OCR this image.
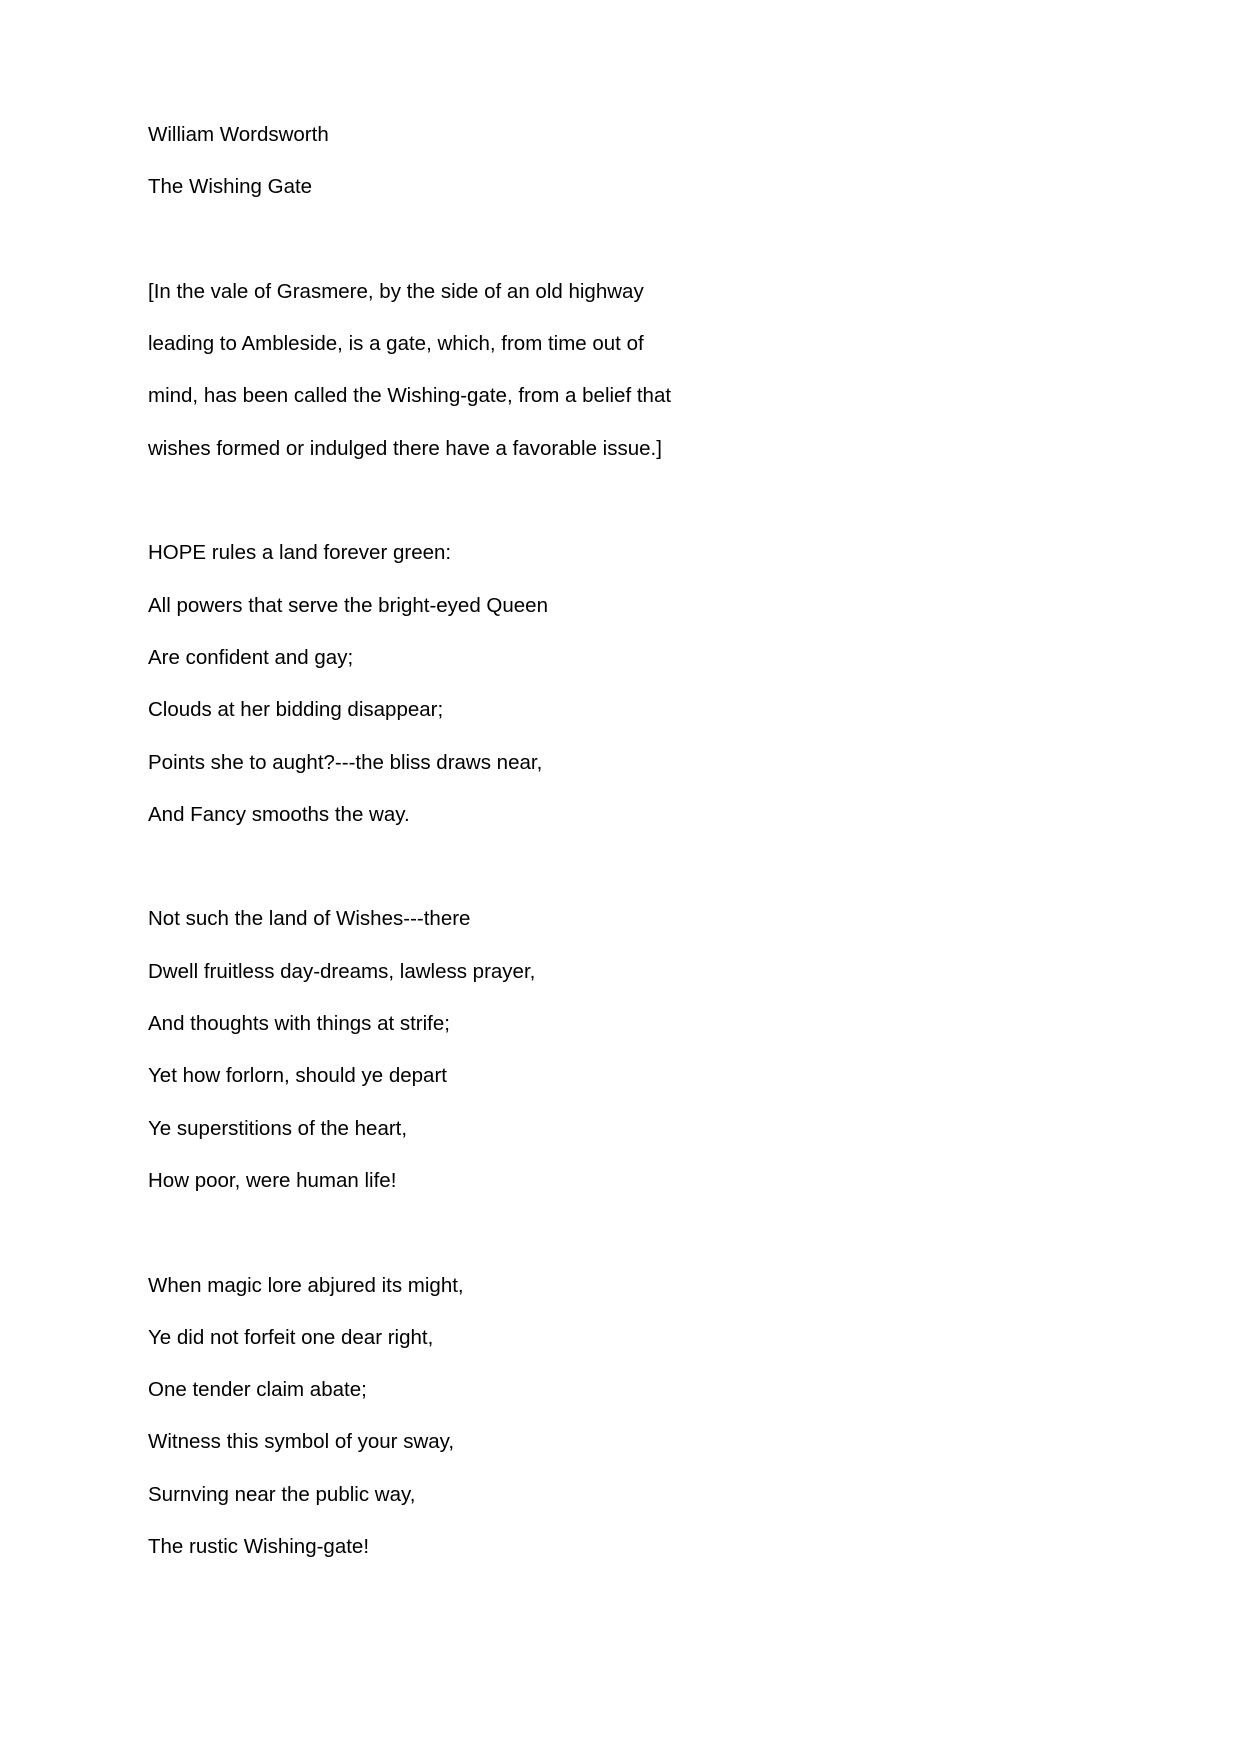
William Wordsworth
The Wishing Gate
[In the vale of Grasmere, by the side of an old highway
leading to Ambleside, is a gate, which, from time out of
mind, has been called the Wishing-gate, from a belief that
wishes formed or indulged there have a favorable issue.]
HOPE rules a land forever green:
All powers that serve the bright-eyed Queen
Are confident and gay;
Clouds at her bidding disappear;
Points she to aught?---the bliss draws near,
And Fancy smooths the way.
Not such the land of Wishes---there
Dwell fruitless day-dreams, lawless prayer,
And thoughts with things at strife;
Yet how forlorn, should ye depart
Ye superstitions of the heart,
How poor, were human life!
When magic lore abjured its might,
Ye did not forfeit one dear right,
One tender claim abate;
Witness this symbol of your sway,
Surnving near the public way,
The rustic Wishing-gate!
